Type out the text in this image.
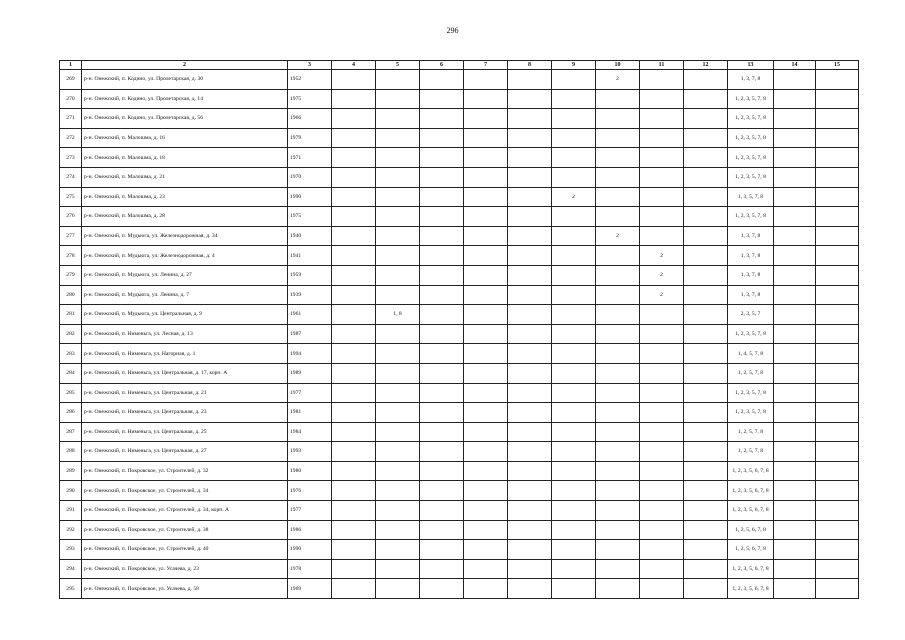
296
1	2	3	4	5	6	7	8	9	10	11	12	13	14	15
269	р-н. Онежский, п. Кодино, ул. Пролетарская, д. 30	1952							2			1, 3, 7, 8		
270	р-н. Онежский, п. Кодино, ул. Пролетарская, д. 14	1975										1, 2, 3, 5, 7, 8		
271	р-н. Онежский, п. Кодино, ул. Пролетарская, д. 56	1966										1, 2, 3, 5, 7, 8		
272	р-н. Онежский, п. Малошма, д. 16	1979										1, 2, 3, 5, 7, 8		
273	р-н. Онежский, п. Малошма, д. 18	1971										1, 2, 3, 5, 7, 8		
274	р-н. Онежский, п. Малошма, д. 21	1970										1, 2, 3, 5, 7, 8		
275	р-н. Онежский, п. Малошма, д. 23	1990						2				1, 3, 5, 7, 8		
276	р-н. Онежский, п. Малошма, д. 28	1975										1, 2, 3, 5, 7, 8		
277	р-н. Онежский, п. Мудьюга, ул. Железнодорожная, д. 34	1940							2			1, 3, 7, 8		
278	р-н. Онежский, п. Мудьюга, ул. Железнодорожная, д. 4	1941								2		1, 3, 7, 8		
279	р-н. Онежский, п. Мудьюга, ул. Ленина, д. 27	1959								2		1, 3, 7, 8		
280	р-н. Онежский, п. Мудьюга, ул. Ленина, д. 7	1939								2		1, 3, 7, 8		
281	р-н. Онежский, п. Мудьюга, ул. Центральная, д. 9	1961		1, 8								2, 3, 5, 7		
282	р-н. Онежский, п. Нименьга, ул. Лесная, д. 13	1987										1, 2, 3, 5, 7, 8		
283	р-н. Онежский, п. Нименьга, ул. Нагорная, д. 1	1994										1, 4, 5, 7, 8		
284	р-н. Онежский, п. Нименьга, ул. Центральная, д. 17, корп. А	1989										1, 2, 5, 7, 8		
285	р-н. Онежский, п. Нименьга, ул. Центральная, д. 21	1977										1, 2, 3, 5, 7, 8		
286	р-н. Онежский, п. Нименьга, ул. Центральная, д. 23	1981										1, 2, 3, 5, 7, 8		
287	р-н. Онежский, п. Нименьга, ул. Центральная, д. 25	1984										1, 2, 5, 7, 8		
288	р-н. Онежский, п. Нименьга, ул. Центральная, д. 27	1993										1, 2, 5, 7, 8		
289	р-н. Онежский, п. Покровское, ул. Строителей, д. 32	1980										1, 2, 3, 5, 6, 7, 8		
290	р-н. Онежский, п. Покровское, ул. Строителей, д. 34	1976										1, 2, 3, 5, 6, 7, 8		
291	р-н. Онежский, п. Покровское, ул. Строителей, д. 34, корп. А	1977										1, 2, 3, 5, 6, 7, 8		
292	р-н. Онежский, п. Покровское, ул. Строителей, д. 38	1986										1, 2, 5, 6, 7, 8		
293	р-н. Онежский, п. Покровское, ул. Строителей, д. 40	1990										1, 2, 5, 6, 7, 8		
294	р-н. Онежский, п. Покровское, ул. Усачева, д. 23	1978										1, 2, 3, 5, 6, 7, 8		
295	р-н. Онежский, п. Покровское, ул. Усачева, д. 58	1969										1, 2, 3, 5, 6, 7, 8		
